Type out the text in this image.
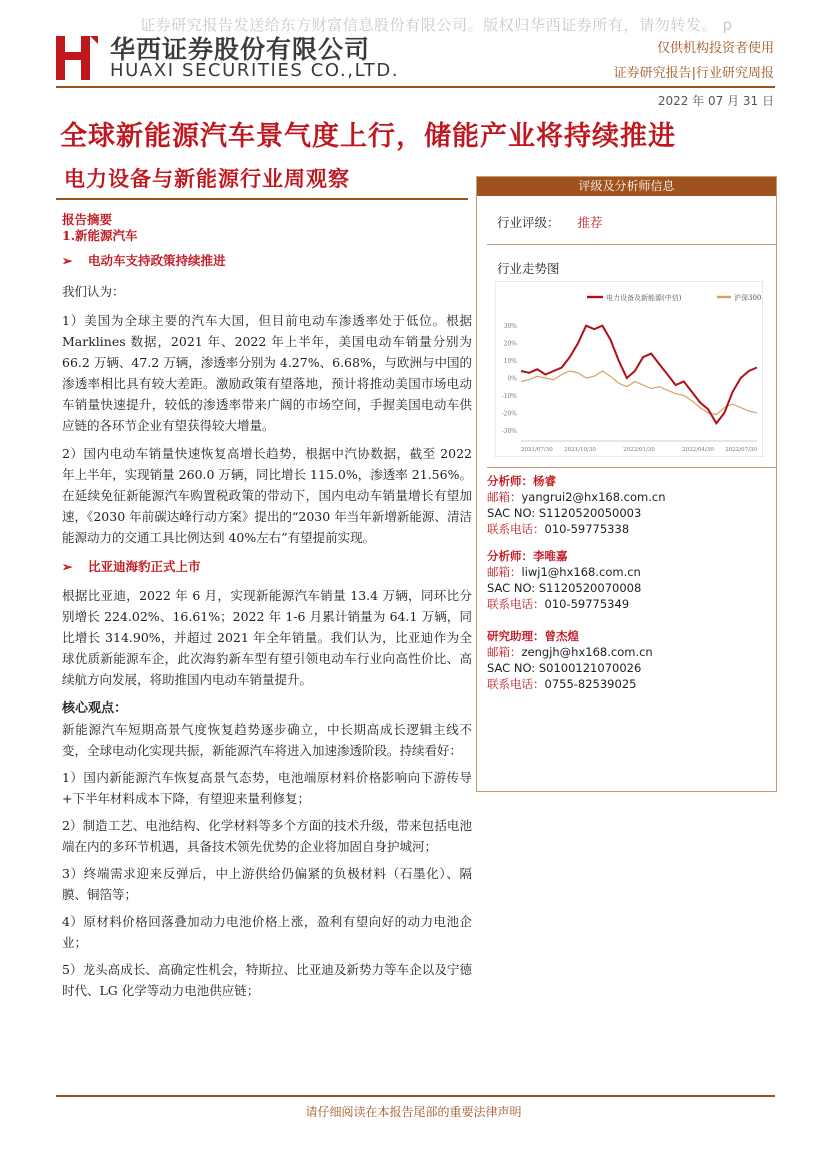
证券研究报告发送给东方财富信息股份有限公司。版权归华西证券所有，请勿转发。 p
华西证券股份有限公司
HUAXI SECURITIES CO.,LTD.
仅供机构投资者使用
证券研究报告|行业研究周报
2022 年 07 月 31 日
全球新能源汽车景气度上行，储能产业将持续推进
电力设备与新能源行业周观察
报告摘要
1.新能源汽车
➢ 电动车支持政策持续推进
我们认为：
1）美国为全球主要的汽车大国，但目前电动车渗透率处于低位。根据 Marklines 数据，2021 年、2022 年上半年，美国电动车销量分别为 66.2 万辆、47.2 万辆，渗透率分别为 4.27%、6.68%，与欧洲与中国的渗透率相比具有较大差距。激励政策有望落地，预计将推动美国市场电动车销量快速提升，较低的渗透率带来广阔的市场空间，手握美国电动车供应链的各环节企业有望获得较大增量。
2）国内电动车销量快速恢复高增长趋势，根据中汽协数据，截至 2022 年上半年，实现销量 260.0 万辆，同比增长 115.0%，渗透率 21.56%。在延续免征新能源汽车购置税政策的带动下，国内电动车销量增长有望加速，《2030 年前碳达峰行动方案》提出的“2030 年当年新增新能源、清洁能源动力的交通工具比例达到 40%左右”有望提前实现。
➢ 比亚迪海豹正式上市
根据比亚迪，2022 年 6 月，实现新能源汽车销量 13.4 万辆，同环比分别增长 224.02%、16.61%；2022 年 1-6 月累计销量为 64.1 万辆，同比增长 314.90%，并超过 2021 年全年销量。我们认为，比亚迪作为全球优质新能源车企，此次海豹新车型有望引领电动车行业向高性价比、高续航方向发展，将助推国内电动车销量提升。
核心观点：
新能源汽车短期高景气度恢复趋势逐步确立，中长期高成长逻辑主线不变，全球电动化实现共振，新能源汽车将进入加速渗透阶段。持续看好：
1）国内新能源汽车恢复高景气态势，电池端原材料价格影响向下游传导+下半年材料成本下降，有望迎来量利修复；
2）制造工艺、电池结构、化学材料等多个方面的技术升级，带来包括电池端在内的多环节机遇，具备技术领先优势的企业将加固自身护城河；
3）终端需求迎来反弹后，中上游供给仍偏紧的负极材料（石墨化）、隔膜、铜箔等；
4）原材料价格回落叠加动力电池价格上涨，盈利有望向好的动力电池企业；
5）龙头高成长、高确定性机会，特斯拉、比亚迪及新势力等车企以及宁德时代、LG 化学等动力电池供应链；
评级及分析师信息
行业评级： 推荐
行业走势图
电力设备及新能源(中信)	沪深300
30%
20%
10%
0%
-10%
-20%
-30%
2021/07/30 2021/10/30	2022/01/30	2022/04/30 2022/07/30
分析师：杨睿
邮箱：yangrui2@hx168.com.cn
SAC NO: S1120520050003
联系电话：010-59775338
分析师：李唯嘉
邮箱：liwj1@hx168.com.cn
SAC NO: S1120520070008
联系电话：010-59775349
研究助理：曾杰煌
邮箱：zengjh@hx168.com.cn
SAC NO: S0100121070026
联系电话：0755-82539025
请仔细阅读在本报告尾部的重要法律声明
